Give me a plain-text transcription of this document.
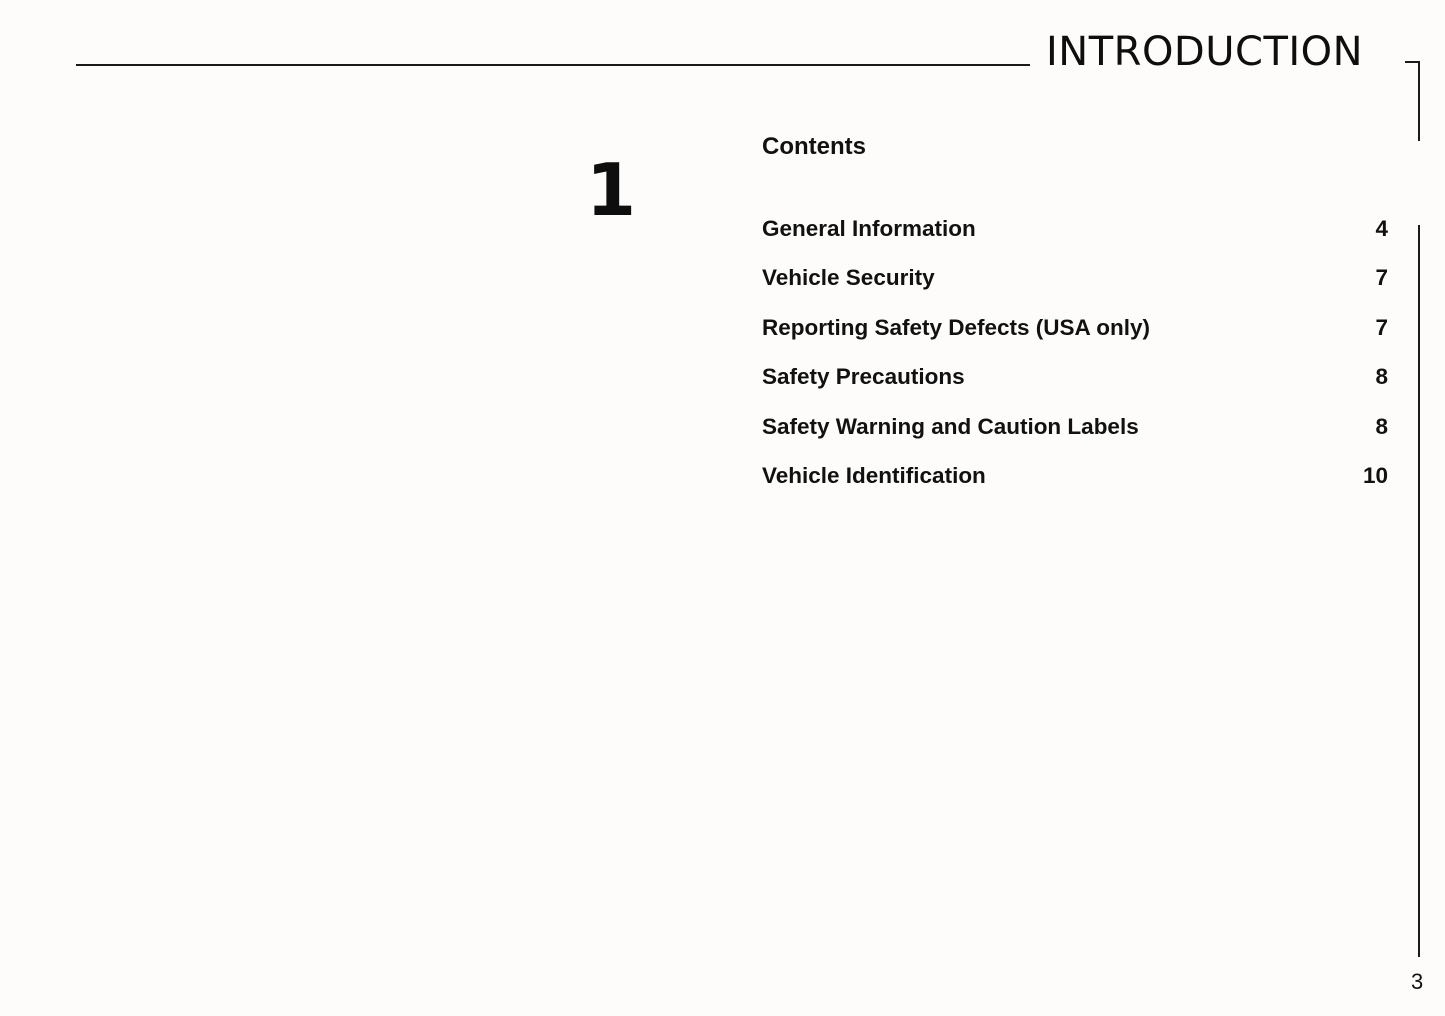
INTRODUCTION
1
Contents
General Information	4
Vehicle Security	7
Reporting Safety Defects (USA only)	7
Safety Precautions	8
Safety Warning and Caution Labels	8
Vehicle Identification	10
3
